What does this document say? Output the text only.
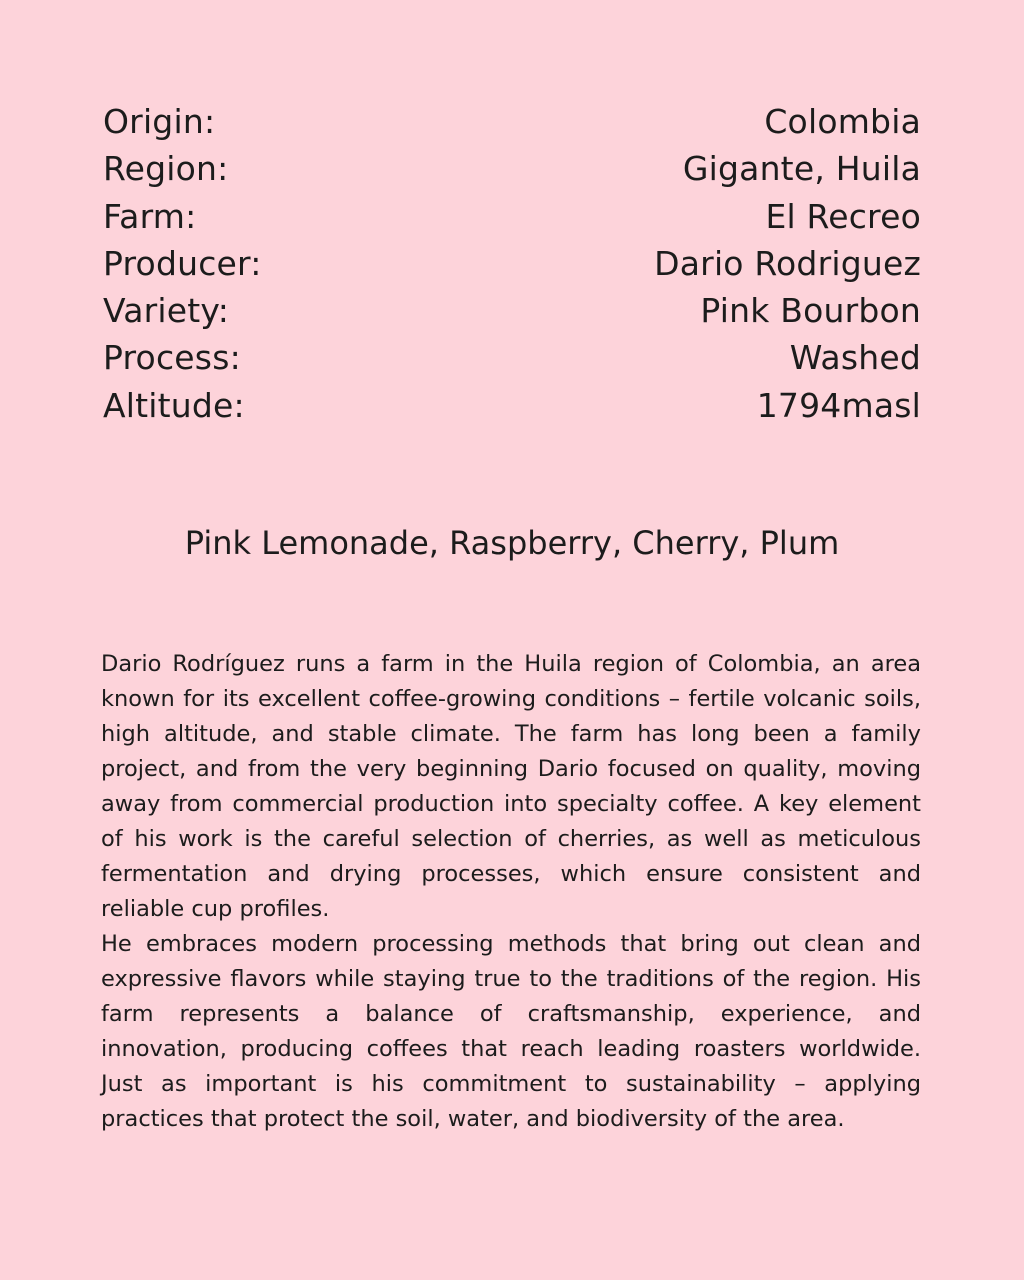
Origin:	Colombia
Region:	Gigante, Huila
Farm:	El Recreo
Producer:	Dario Rodriguez
Variety:	Pink Bourbon
Process:	Washed
Altitude:	1794masl
Pink Lemonade, Raspberry, Cherry, Plum

Dario Rodríguez runs a farm in the Huila region of Colombia, an area known for its excellent coffee-growing conditions – fertile volcanic soils, high altitude, and stable climate. The farm has long been a family project, and from the very beginning Dario focused on quality, moving away from commercial production into specialty coffee. A key element of his work is the careful selection of cherries, as well as meticulous fermentation and drying processes, which ensure consistent and reliable cup profiles.

He embraces modern processing methods that bring out clean and expressive flavors while staying true to the traditions of the region. His farm represents a balance of craftsmanship, experience, and innovation, producing coffees that reach leading roasters worldwide. Just as important is his commitment to sustainability – applying practices that protect the soil, water, and biodiversity of the area.
